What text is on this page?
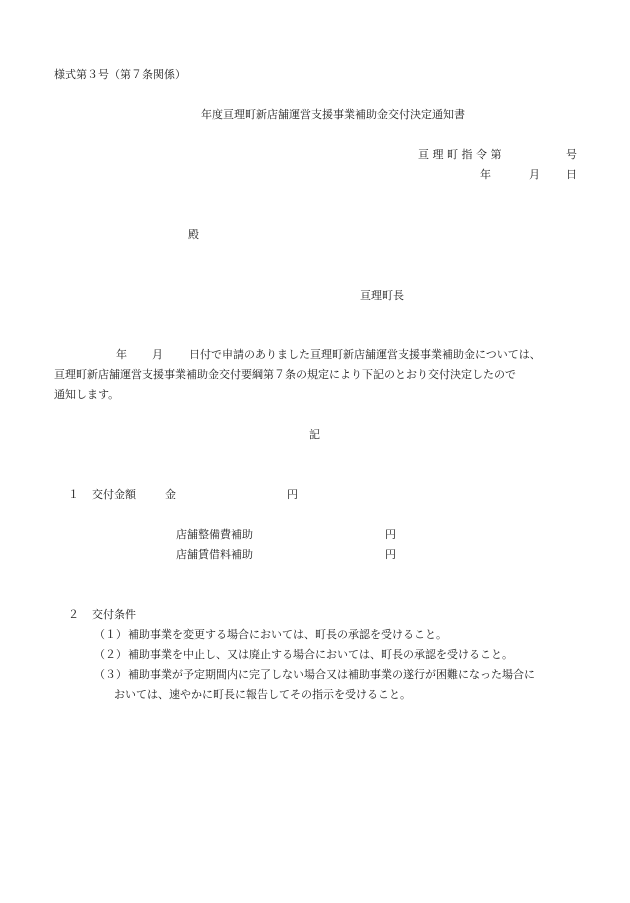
様式第３号（第７条関係）
年度亘理町新店舗運営支援事業補助金交付決定通知書
亘 理 町 指 令 第	号
年	月 日
殿
亘理町長
年 月 日付で申請のありました亘理町新店舗運営支援事業補助金については、
亘理町新店舗運営支援事業補助金交付要綱第７条の規定により下記のとおり交付決定したので
通知します。
記
１ 交付金額	金	円
店舗整備費補助	円
店舗賃借料補助	円
２ 交付条件
（１） 補助事業を変更する場合においては、町長の承認を受けること。
（２） 補助事業を中止し、又は廃止する場合においては、町長の承認を受けること。
（３） 補助事業が予定期間内に完了しない場合又は補助事業の遂行が困難になった場合に
おいては、速やかに町長に報告してその指示を受けること。
